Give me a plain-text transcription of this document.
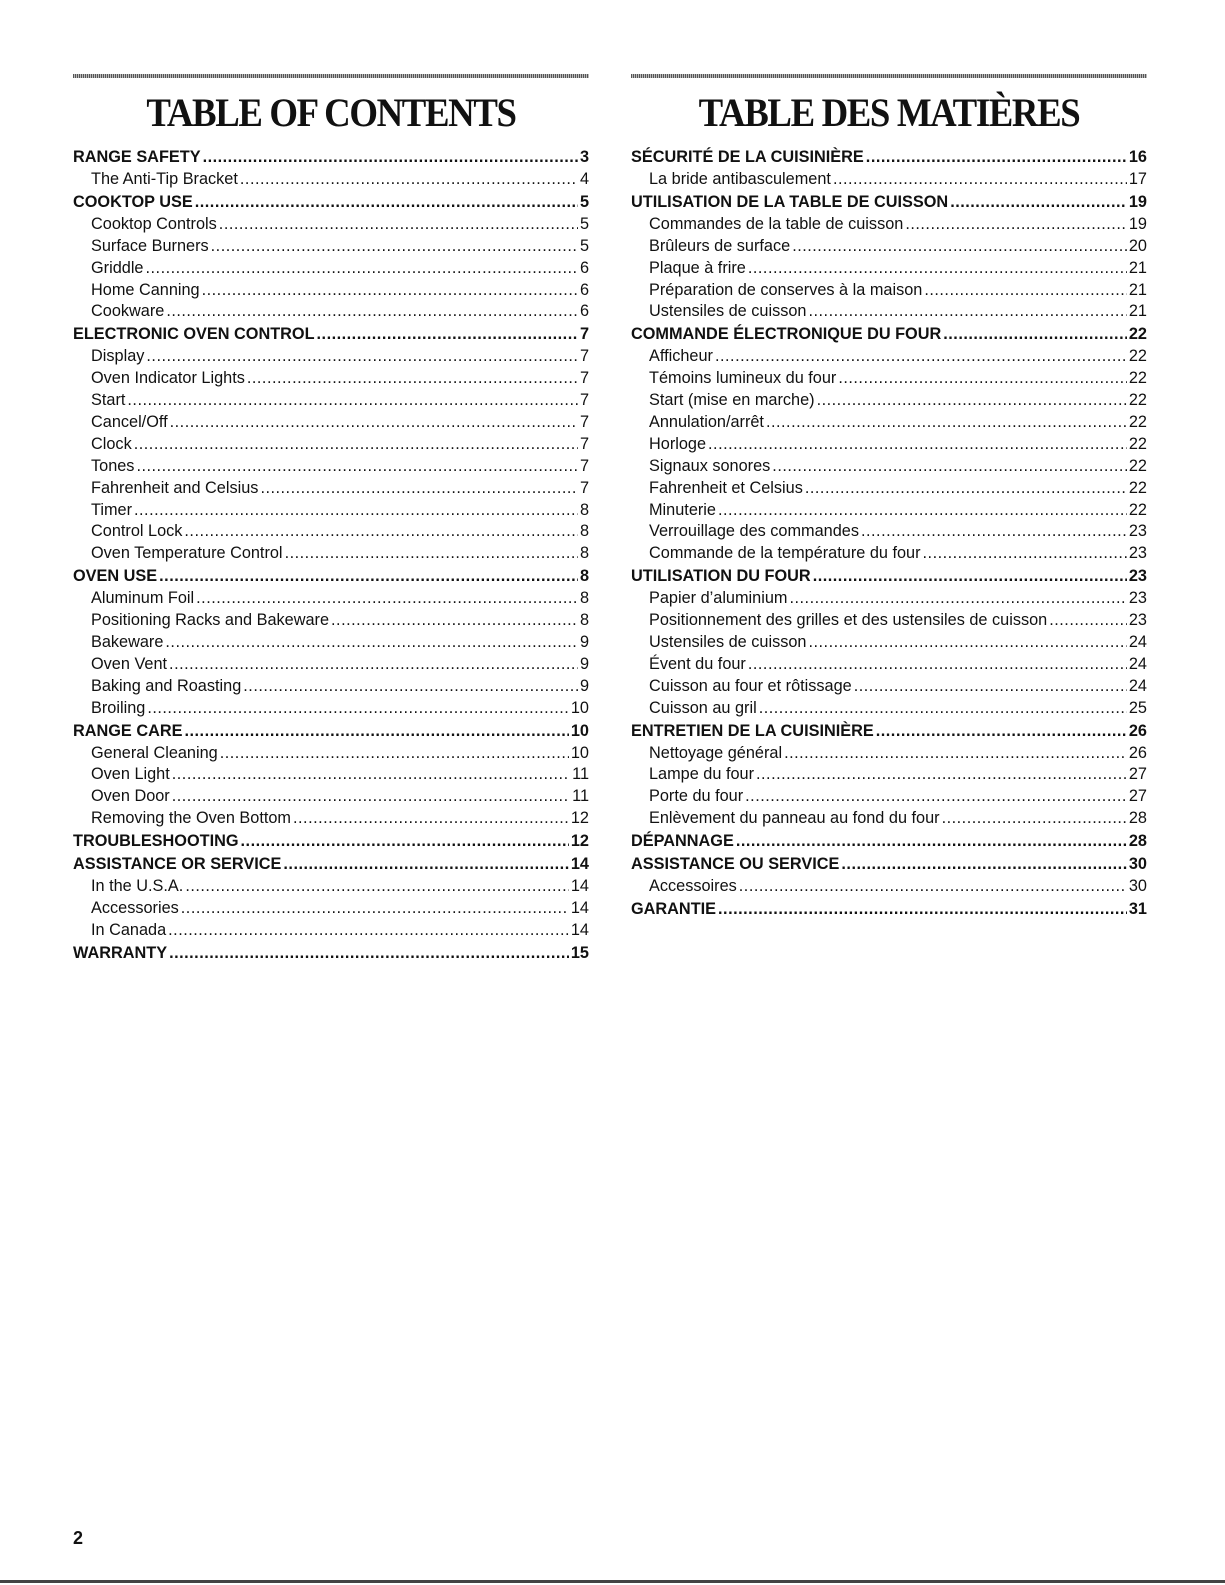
TABLE OF CONTENTS
RANGE SAFETY .....	3
The Anti-Tip Bracket .....	4
COOKTOP USE .....	5
Cooktop Controls .....	5
Surface Burners .....	5
Griddle .....	6
Home Canning .....	6
Cookware .....	6
ELECTRONIC OVEN CONTROL .....	7
Display .....	7
Oven Indicator Lights .....	7
Start .....	7
Cancel/Off .....	7
Clock .....	7
Tones .....	7
Fahrenheit and Celsius .....	7
Timer .....	8
Control Lock .....	8
Oven Temperature Control .....	8
OVEN USE .....	8
Aluminum Foil .....	8
Positioning Racks and Bakeware .....	8
Bakeware .....	9
Oven Vent .....	9
Baking and Roasting .....	9
Broiling .....	10
RANGE CARE .....	10
General Cleaning .....	10
Oven Light .....	11
Oven Door .....	11
Removing the Oven Bottom .....	12
TROUBLESHOOTING .....	12
ASSISTANCE OR SERVICE .....	14
In the U.S.A. .....	14
Accessories .....	14
In Canada .....	14
WARRANTY .....	15
TABLE DES MATIÈRES
SÉCURITÉ DE LA CUISINIÈRE .....	16
La bride antibasculement .....	17
UTILISATION DE LA TABLE DE CUISSON .....	19
Commandes de la table de cuisson .....	19
Brûleurs de surface .....	20
Plaque à frire .....	21
Préparation de conserves à la maison .....	21
Ustensiles de cuisson .....	21
COMMANDE ÉLECTRONIQUE DU FOUR .....	22
Afficheur .....	22
Témoins lumineux du four .....	22
Start (mise en marche) .....	22
Annulation/arrêt .....	22
Horloge .....	22
Signaux sonores .....	22
Fahrenheit et Celsius .....	22
Minuterie .....	22
Verrouillage des commandes .....	23
Commande de la température du four .....	23
UTILISATION DU FOUR .....	23
Papier d’aluminium .....	23
Positionnement des grilles et des ustensiles de cuisson .....	23
Ustensiles de cuisson .....	24
Évent du four .....	24
Cuisson au four et rôtissage .....	24
Cuisson au gril .....	25
ENTRETIEN DE LA CUISINIÈRE .....	26
Nettoyage général .....	26
Lampe du four .....	27
Porte du four .....	27
Enlèvement du panneau au fond du four .....	28
DÉPANNAGE .....	28
ASSISTANCE OU SERVICE .....	30
Accessoires .....	30
GARANTIE .....	31
2
